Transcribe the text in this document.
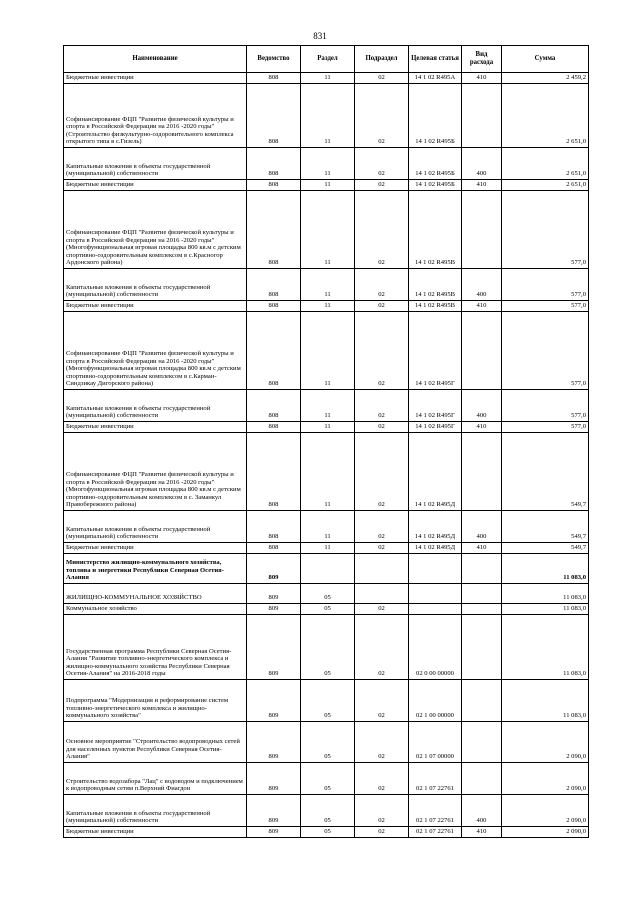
831
Наименование	Ведомство	Раздел	Подраздел	Целевая статья	Вид расхода	Сумма
Бюджетные инвестиции	808	11	02	14 1 02 R495A	410	2 459,2
Софинансирование ФЦП "Развитие физической культуры и спорта в Российской Федерации на 2016 -2020 годы" (Строительство физкультурно-оздоровительного комплекса открытого типа в с.Гизель)	808	11	02	14 1 02 R495Б		2 651,0
Капитальные вложения в объекты государственной (муниципальной) собственности	808	11	02	14 1 02 R495Б	400	2 651,0
Бюджетные инвестиции	808	11	02	14 1 02 R495Б	410	2 651,0
Софинансирование ФЦП "Развитие физической культуры и спорта в Российской Федерации на 2016 -2020 годы" (Многофункциональная игровая площадка 800 кв.м с детским спортивно-оздоровительным комплексом в с.Красногор Ардонского района)	808	11	02	14 1 02 R495В		577,0
Капитальные вложения в объекты государственной (муниципальной) собственности	808	11	02	14 1 02 R495В	400	577,0
Бюджетные инвестиции	808	11	02	14 1 02 R495В	410	577,0
Софинансирование ФЦП "Развитие физической культуры и спорта в Российской Федерации на 2016 -2020 годы" (Многофункциональная игровая площадка 800 кв.м с детским спортивно-оздоровительным комплексом в с.Карман-Синдзикау Дигорского района)	808	11	02	14 1 02 R495Г		577,0
Капитальные вложения в объекты государственной (муниципальной) собственности	808	11	02	14 1 02 R495Г	400	577,0
Бюджетные инвестиции	808	11	02	14 1 02 R495Г	410	577,0
Софинансирование ФЦП "Развитие физической культуры и спорта в Российской Федерации на 2016 -2020 годы" (Многофункциональная игровая площадка 800 кв.м с детским спортивно-оздоровительным комплексом в с. Заманкул Правобережного района)	808	11	02	14 1 02 R495Д		549,7
Капитальные вложения в объекты государственной (муниципальной) собственности	808	11	02	14 1 02 R495Д	400	549,7
Бюджетные инвестиции	808	11	02	14 1 02 R495Д	410	549,7
Министерство жилищно-коммунального хозяйства, топлива и энергетики Республики Северная Осетия-Алания	809					11 083,0
ЖИЛИЩНО-КОММУНАЛЬНОЕ ХОЗЯЙСТВО	809	05				11 083,0
Коммунальное хозяйство	809	05	02			11 083,0
Государственная программа Республики Северная Осетия-Алания "Развитие топливно-энергетического комплекса и жилищно-коммунального хозяйства Республики Северная Осетия-Алания" на 2016-2018 годы	809	05	02	02 0 00 00000		11 083,0
Подпрограмма "Модернизация и реформирование систем топливно-энергетического комплекса и жилищно-коммунального хозяйства"	809	05	02	02 1 00 00000		11 083,0
Основное мероприятие "Строительство водопроводных сетей для населенных пунктов Республики Северная Осетия-Алания"	809	05	02	02 1 07 00000		2 090,0
Строительство водозабора "Лац" с водоводом и подключением к водопроводным сетям п.Верхний Фиагдон	809	05	02	02 1 07 22761		2 090,0
Капитальные вложения в объекты государственной (муниципальной) собственности	809	05	02	02 1 07 22761	400	2 090,0
Бюджетные инвестиции	809	05	02	02 1 07 22761	410	2 090,0
